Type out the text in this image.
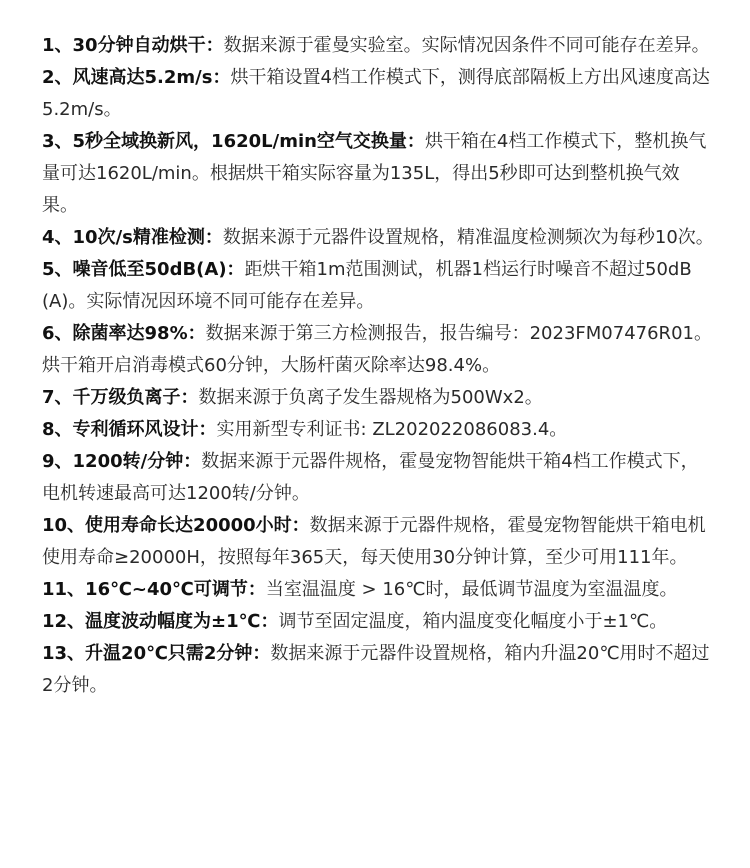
1、30分钟自动烘干：数据来源于霍曼实验室。实际情况因条件不同可能存在差异。

2、风速高达5.2m/s：烘干箱设置4档工作模式下，测得底部隔板上方出风速度高达5.2m/s。

3、5秒全域换新风，1620L/min空气交换量：烘干箱在4档工作模式下，整机换气量可达1620L/min。根据烘干箱实际容量为135L，得出5秒即可达到整机换气效果。

4、10次/s精准检测：数据来源于元器件设置规格，精准温度检测频次为每秒10次。

5、噪音低至50dB(A)：距烘干箱1m范围测试，机器1档运行时噪音不超过50dB(A)。实际情况因环境不同可能存在差异。

6、除菌率达98%：数据来源于第三方检测报告，报告编号：2023FM07476R01。烘干箱开启消毒模式60分钟，大肠杆菌灭除率达98.4%。

7、千万级负离子：数据来源于负离子发生器规格为500Wx2。

8、专利循环风设计：实用新型专利证书: ZL202022086083.4。

9、1200转/分钟：数据来源于元器件规格，霍曼宠物智能烘干箱4档工作模式下，电机转速最高可达1200转/分钟。

10、使用寿命长达20000小时：数据来源于元器件规格，霍曼宠物智能烘干箱电机使用寿命≥20000H，按照每年365天，每天使用30分钟计算，至少可用111年。

11、16℃~40℃可调节：当室温温度 > 16℃时，最低调节温度为室温温度。

12、温度波动幅度为±1℃：调节至固定温度，箱内温度变化幅度小于±1℃。

13、升温20℃只需2分钟：数据来源于元器件设置规格，箱内升温20℃用时不超过2分钟。
